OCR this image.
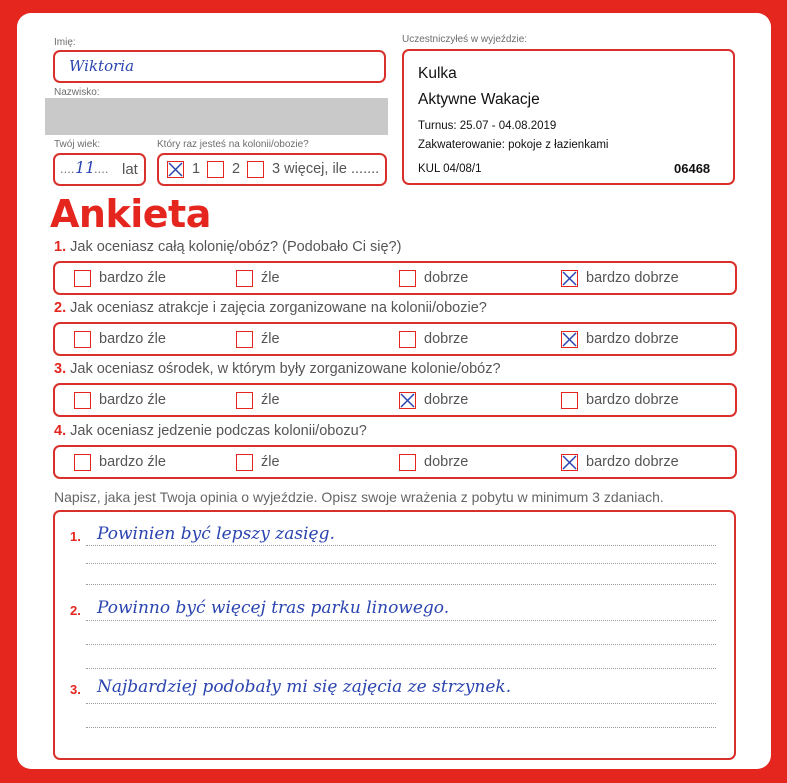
Imię:
Wiktoria
Nazwisko:
Twój wiek:
.... 11
.... lat
Który raz jesteś na kolonii/obozie?
1 2 3 więcej, ile .......
Uczestniczyłeś w wyjeździe:
Kulka
Aktywne Wakacje
Turnus: 25.07 - 04.08.2019
Zakwaterowanie: pokoje z łazienkami
KUL 04/08/1	06468
Ankieta
1. Jak oceniasz całą kolonię/obóz? (Podobało Ci się?)
bardzo źle	źle	dobrze	bardzo dobrze
2. Jak oceniasz atrakcje i zajęcia zorganizowane na kolonii/obozie?
bardzo źle	źle	dobrze	bardzo dobrze
3. Jak oceniasz ośrodek, w którym były zorganizowane kolonie/obóz?
bardzo źle	źle	dobrze	bardzo dobrze
4. Jak oceniasz jedzenie podczas kolonii/obozu?
bardzo źle	źle	dobrze	bardzo dobrze
Napisz, jaka jest Twoja opinia o wyjeździe. Opisz swoje wrażenia z pobytu w minimum 3 zdaniach.
1. Powinien być lepszy zasięg.
2. Powinno być więcej tras parku linowego.
3. Najbardziej podobały mi się zajęcia ze strzynek.
